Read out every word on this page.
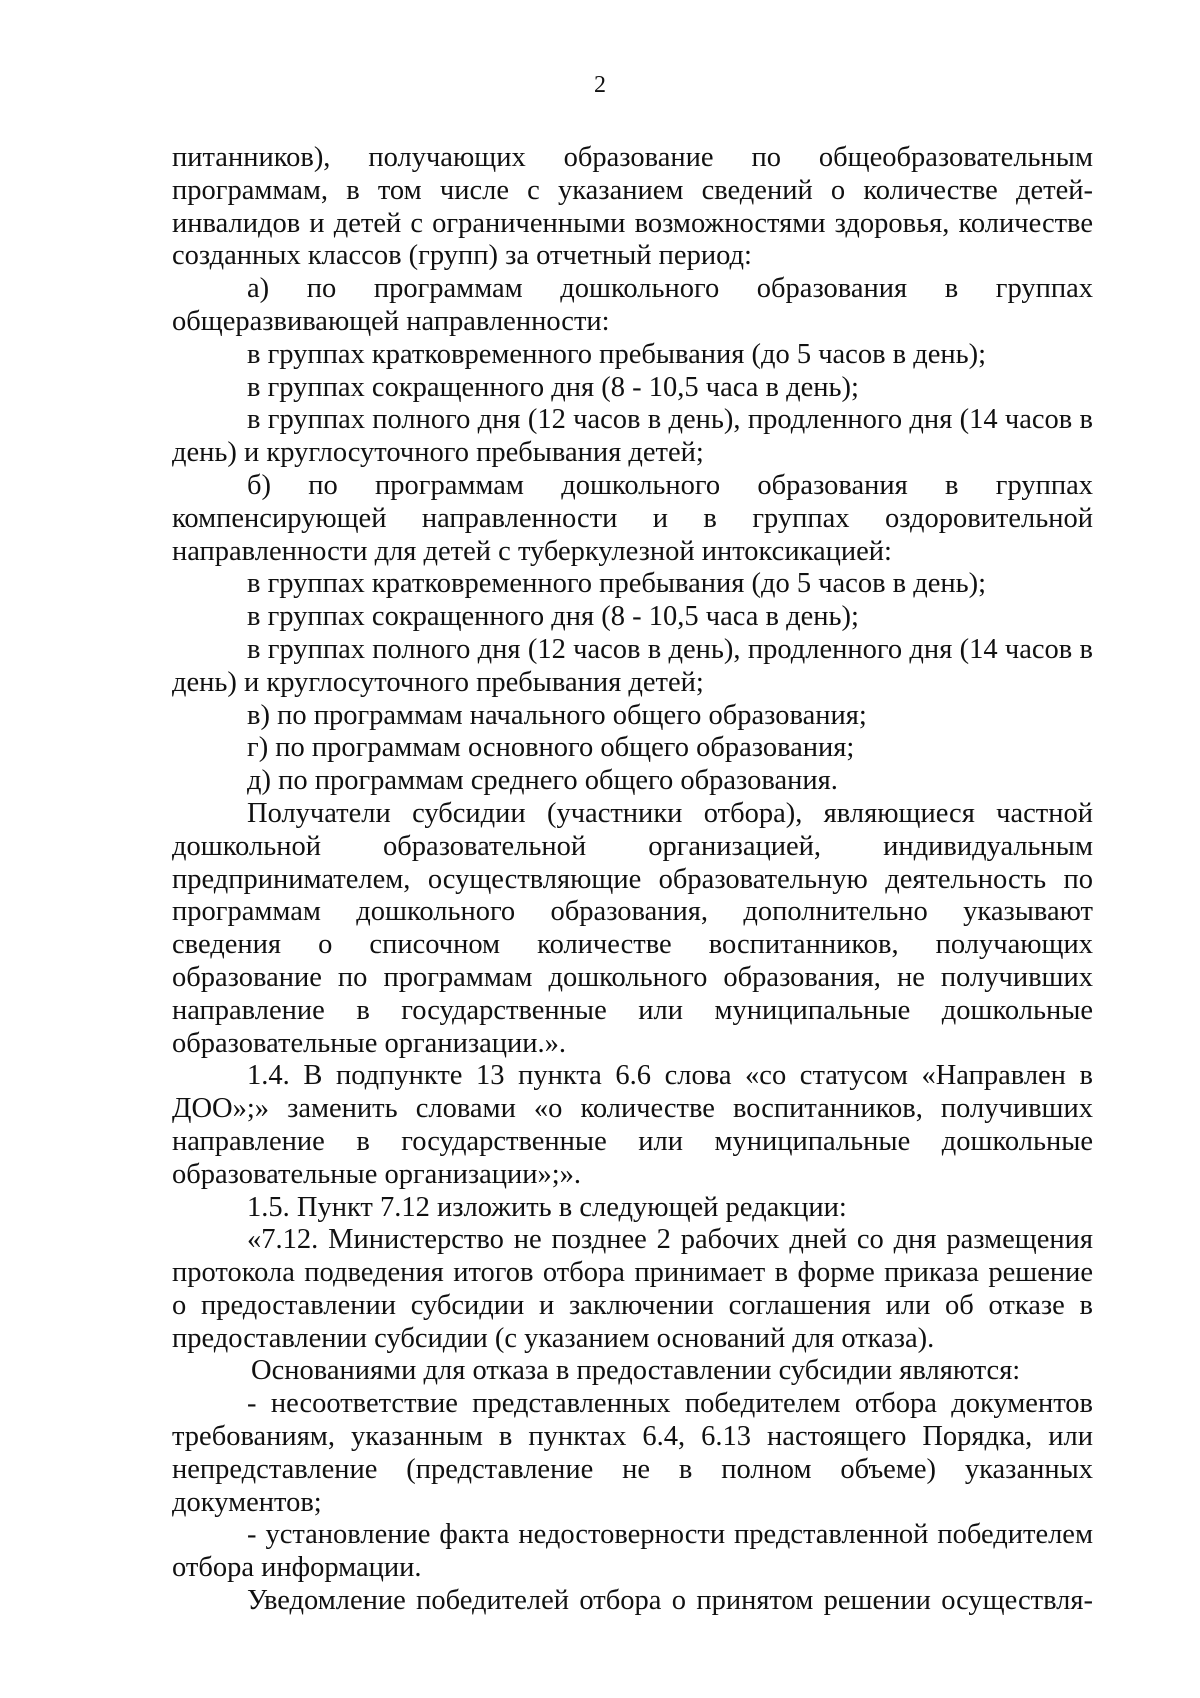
2

питанников), получающих образование по общеобразовательным программам, в том числе с указанием сведений о количестве детей-инвалидов и детей с ограниченными возможностями здоровья, количестве созданных классов (групп) за отчетный период:

а) по программам дошкольного образования в группах общеразвивающей направленности:

в группах кратковременного пребывания (до 5 часов в день);

в группах сокращенного дня (8 - 10,5 часа в день);

в группах полного дня (12 часов в день), продленного дня (14 часов в день) и круглосуточного пребывания детей;

б) по программам дошкольного образования в группах компенсирующей направленности и в группах оздоровительной направленности для детей с туберкулезной интоксикацией:

в группах кратковременного пребывания (до 5 часов в день);

в группах сокращенного дня (8 - 10,5 часа в день);

в группах полного дня (12 часов в день), продленного дня (14 часов в день) и круглосуточного пребывания детей;

в) по программам начального общего образования;

г) по программам основного общего образования;

д) по программам среднего общего образования.

Получатели субсидии (участники отбора), являющиеся частной дошкольной образовательной организацией, индивидуальным предпринимателем, осуществляющие образовательную деятельность по программам дошкольного образования, дополнительно указывают сведения о списочном количестве воспитанников, получающих образование по программам дошкольного образования, не получивших направление в государственные или муниципальные дошкольные образовательные организации.».

1.4. В подпункте 13 пункта 6.6 слова «со статусом «Направлен в ДОО»;» заменить словами «о количестве воспитанников, получивших направление в государственные или муниципальные дошкольные образовательные организации»;».

1.5. Пункт 7.12 изложить в следующей редакции:

«7.12. Министерство не позднее 2 рабочих дней со дня размещения протокола подведения итогов отбора принимает в форме приказа решение о предоставлении субсидии и заключении соглашения или об отказе в предоставлении субсидии (с указанием оснований для отказа).

Основаниями для отказа в предоставлении субсидии являются:

- несоответствие представленных победителем отбора документов требованиям, указанным в пунктах 6.4, 6.13 настоящего Порядка, или непредставление (представление не в полном объеме) указанных документов;

- установление факта недостоверности представленной победителем отбора информации.

Уведомление победителей отбора о принятом решении осуществля-
